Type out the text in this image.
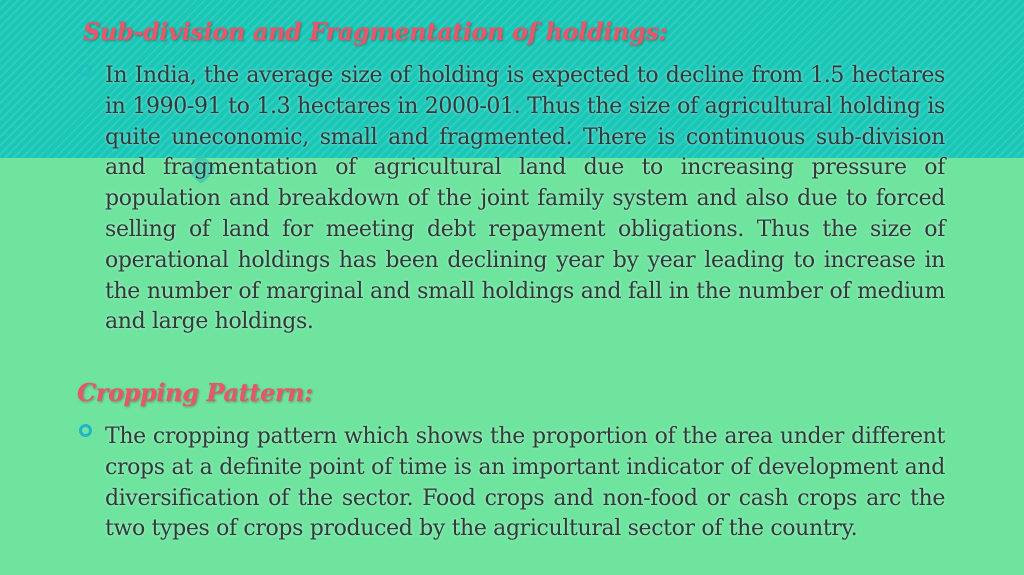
Sub-division and Fragmentation of holdings:

In India, the average size of holding is expected to decline from 1.5 hectares in 1990-91 to 1.3 hectares in 2000-01. Thus the size of agricultural holding is quite uneconomic, small and fragmented. There is continuous sub-division and fragmentation of agricultural land due to increasing pressure of population and breakdown of the joint family system and also due to forced selling of land for meeting debt repayment obligations. Thus the size of operational holdings has been declining year by year leading to increase in the number of marginal and small holdings and fall in the number of medium and large holdings.

Cropping Pattern:

The cropping pattern which shows the proportion of the area under different crops at a definite point of time is an important indicator of development and diversification of the sector. Food crops and non-food or cash crops arc the two types of crops produced by the agricultural sector of the country.
